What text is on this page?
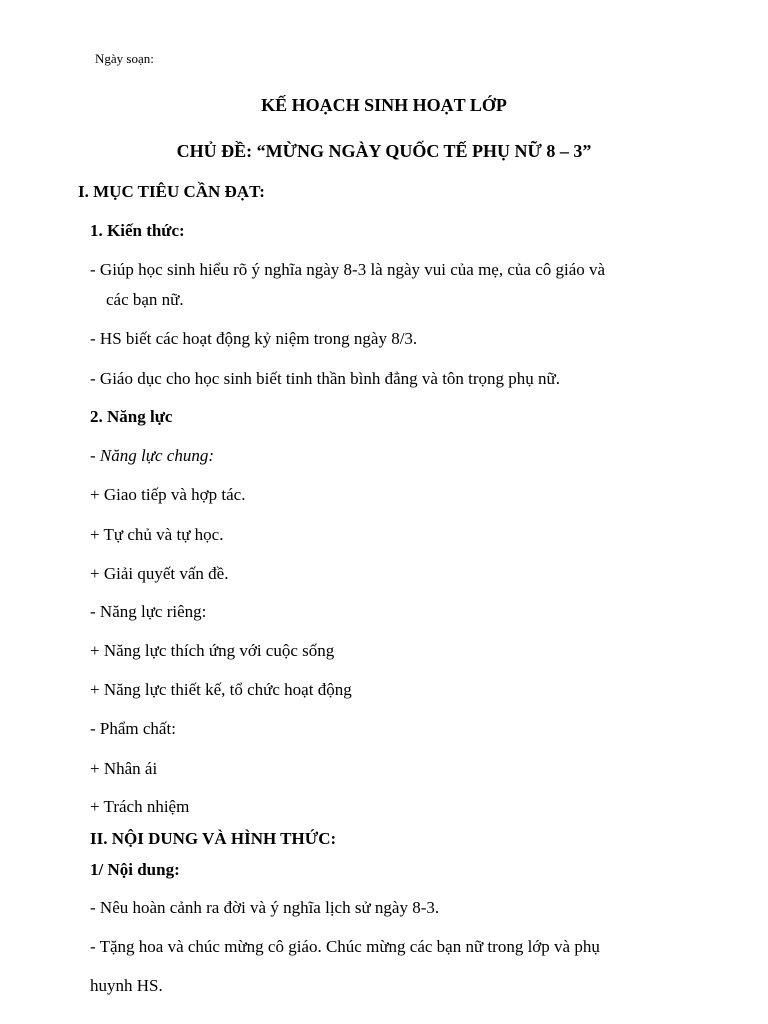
Ngày soạn:
KẾ HOẠCH SINH HOẠT LỚP
CHỦ ĐỀ: “MỪNG NGÀY QUỐC TẾ PHỤ NỮ 8 – 3”
I. MỤC TIÊU CẦN ĐẠT:
1. Kiến thức:
- Giúp học sinh hiểu rõ ý nghĩa ngày 8-3 là ngày vui của mẹ, của cô giáo và
các bạn nữ.
- HS biết các hoạt động kỷ niệm trong ngày 8/3.
- Giáo dục cho học sinh biết tinh thần bình đẳng và tôn trọng phụ nữ.
2. Năng lực
- Năng lực chung:
+ Giao tiếp và hợp tác.
+ Tự chủ và tự học.
+ Giải quyết vấn đề.
- Năng lực riêng:
+ Năng lực thích ứng với cuộc sống
+ Năng lực thiết kế, tổ chức hoạt động
- Phẩm chất:
+ Nhân ái
+ Trách nhiệm
II. NỘI DUNG VÀ HÌNH THỨC:
1/ Nội dung:
- Nêu hoàn cảnh ra đời và ý nghĩa lịch sử ngày 8-3.
- Tặng hoa và chúc mừng cô giáo. Chúc mừng các bạn nữ trong lớp và phụ
huynh HS.
